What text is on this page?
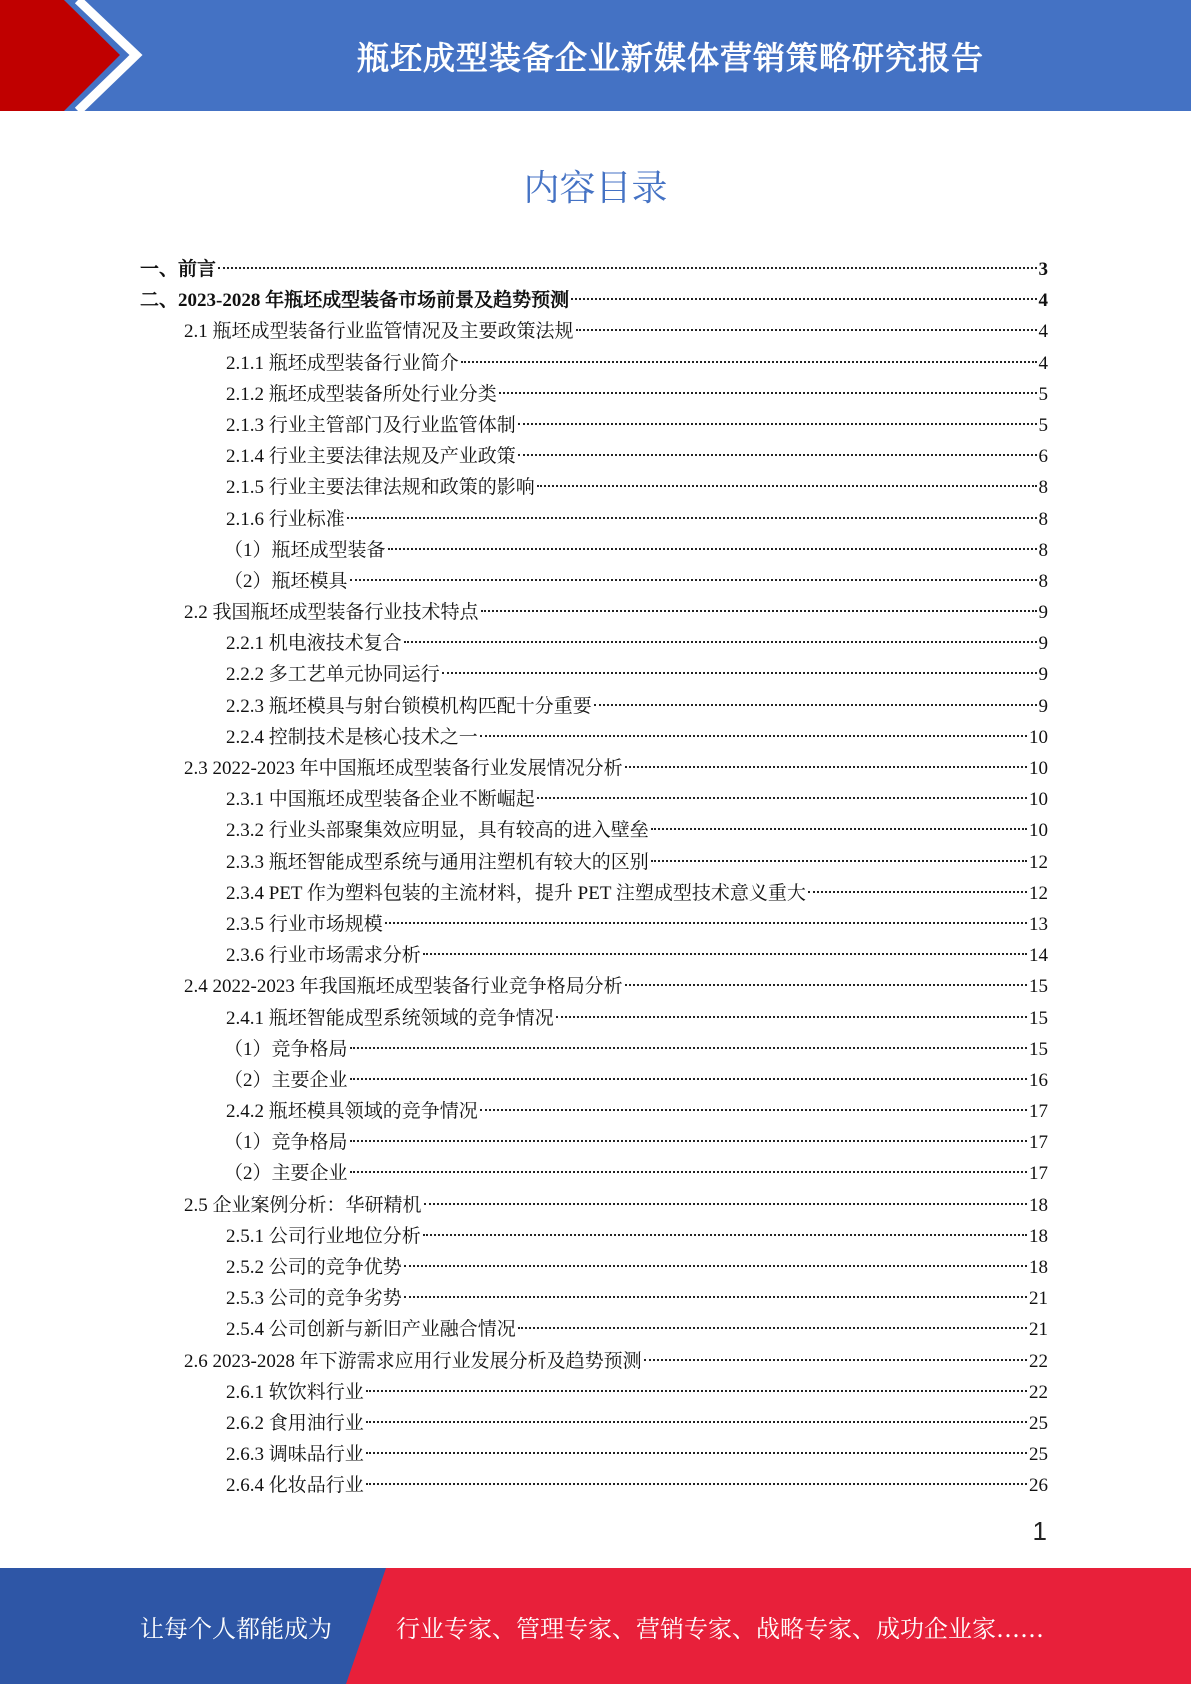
瓶坯成型装备企业新媒体营销策略研究报告
内容目录
一、前言	3
二、2023-2028 年瓶坯成型装备市场前景及趋势预测	4
2.1 瓶坯成型装备行业监管情况及主要政策法规	4
2.1.1 瓶坯成型装备行业简介	4
2.1.2 瓶坯成型装备所处行业分类	5
2.1.3 行业主管部门及行业监管体制	5
2.1.4 行业主要法律法规及产业政策	6
2.1.5 行业主要法律法规和政策的影响	8
2.1.6 行业标准	8
（1）瓶坯成型装备	8
（2）瓶坯模具	8
2.2 我国瓶坯成型装备行业技术特点	9
2.2.1 机电液技术复合	9
2.2.2 多工艺单元协同运行	9
2.2.3 瓶坯模具与射台锁模机构匹配十分重要	9
2.2.4 控制技术是核心技术之一	10
2.3 2022-2023 年中国瓶坯成型装备行业发展情况分析	10
2.3.1 中国瓶坯成型装备企业不断崛起	10
2.3.2 行业头部聚集效应明显，具有较高的进入壁垒	10
2.3.3 瓶坯智能成型系统与通用注塑机有较大的区别	12
2.3.4 PET 作为塑料包装的主流材料，提升 PET 注塑成型技术意义重大	12
2.3.5 行业市场规模	13
2.3.6 行业市场需求分析	14
2.4 2022-2023 年我国瓶坯成型装备行业竞争格局分析	15
2.4.1 瓶坯智能成型系统领域的竞争情况	15
（1）竞争格局	15
（2）主要企业	16
2.4.2 瓶坯模具领域的竞争情况	17
（1）竞争格局	17
（2）主要企业	17
2.5 企业案例分析：华研精机	18
2.5.1 公司行业地位分析	18
2.5.2 公司的竞争优势	18
2.5.3 公司的竞争劣势	21
2.5.4 公司创新与新旧产业融合情况	21
2.6 2023-2028 年下游需求应用行业发展分析及趋势预测	22
2.6.1 软饮料行业	22
2.6.2 食用油行业	25
2.6.3 调味品行业	25
2.6.4 化妆品行业	26
1
让每个人都能成为	行业专家、管理专家、营销专家、战略专家、成功企业家……
